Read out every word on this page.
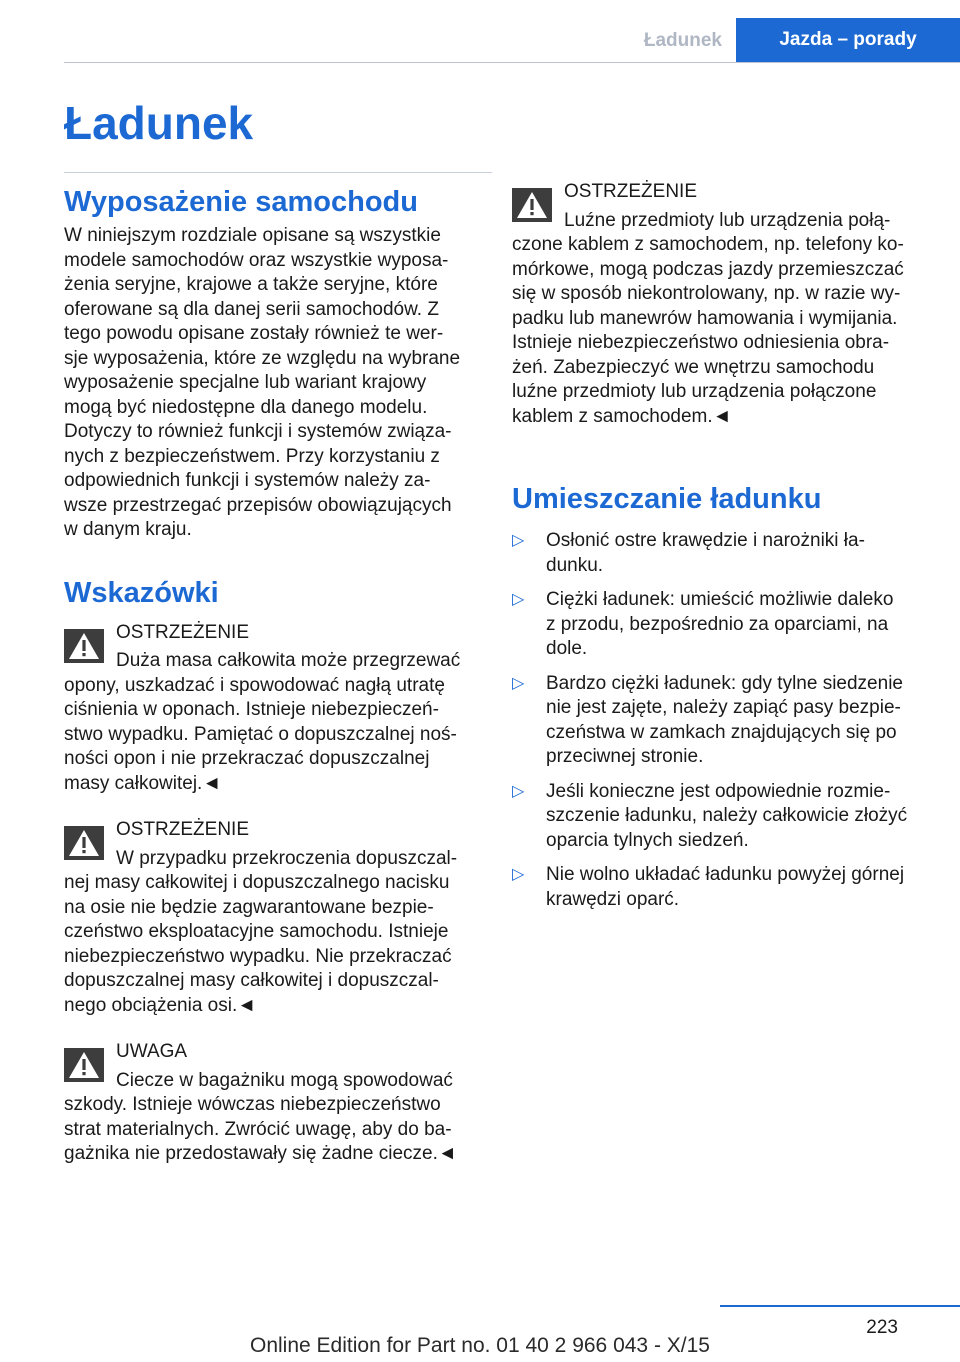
Ładunek	Jazda – porady
Ładunek
Wyposażenie samochodu
W niniejszym rozdziale opisane są wszystkie
modele samochodów oraz wszystkie wyposa‐
żenia seryjne, krajowe a także seryjne, które
oferowane są dla danej serii samochodów. Z
tego powodu opisane zostały również te wer‐
sje wyposażenia, które ze względu na wybrane
wyposażenie specjalne lub wariant krajowy
mogą być niedostępne dla danego modelu.
Dotyczy to również funkcji i systemów związa‐
nych z bezpieczeństwem. Przy korzystaniu z
odpowiednich funkcji i systemów należy za‐
wsze przestrzegać przepisów obowiązujących
w danym kraju.
Wskazówki
OSTRZEŻENIE
Duża masa całkowita może przegrzewać
opony, uszkadzać i spowodować nagłą utratę
ciśnienia w oponach. Istnieje niebezpieczeń‐
stwo wypadku. Pamiętać o dopuszczalnej noś‐
ności opon i nie przekraczać dopuszczalnej
masy całkowitej.◄
OSTRZEŻENIE
W przypadku przekroczenia dopuszczal‐
nej masy całkowitej i dopuszczalnego nacisku
na osie nie będzie zagwarantowane bezpie‐
czeństwo eksploatacyjne samochodu. Istnieje
niebezpieczeństwo wypadku. Nie przekraczać
dopuszczalnej masy całkowitej i dopuszczal‐
nego obciążenia osi.◄
UWAGA
Ciecze w bagażniku mogą spowodować
szkody. Istnieje wówczas niebezpieczeństwo
strat materialnych. Zwrócić uwagę, aby do ba‐
gażnika nie przedostawały się żadne ciecze.◄
OSTRZEŻENIE
Luźne przedmioty lub urządzenia połą‐
czone kablem z samochodem, np. telefony ko‐
mórkowe, mogą podczas jazdy przemieszczać
się w sposób niekontrolowany, np. w razie wy‐
padku lub manewrów hamowania i wymijania.
Istnieje niebezpieczeństwo odniesienia obra‐
żeń. Zabezpieczyć we wnętrzu samochodu
luźne przedmioty lub urządzenia połączone
kablem z samochodem.◄
Umieszczanie ładunku
▷ Osłonić ostre krawędzie i narożniki ła‐
dunku.
▷ Ciężki ładunek: umieścić możliwie daleko
z przodu, bezpośrednio za oparciami, na
dole.
▷ Bardzo ciężki ładunek: gdy tylne siedzenie
nie jest zajęte, należy zapiąć pasy bezpie‐
czeństwa w zamkach znajdujących się po
przeciwnej stronie.
▷ Jeśli konieczne jest odpowiednie rozmie‐
szczenie ładunku, należy całkowicie złożyć
oparcia tylnych siedzeń.
▷ Nie wolno układać ładunku powyżej górnej
krawędzi oparć.
223
Online Edition for Part no. 01 40 2 966 043 - X/15
